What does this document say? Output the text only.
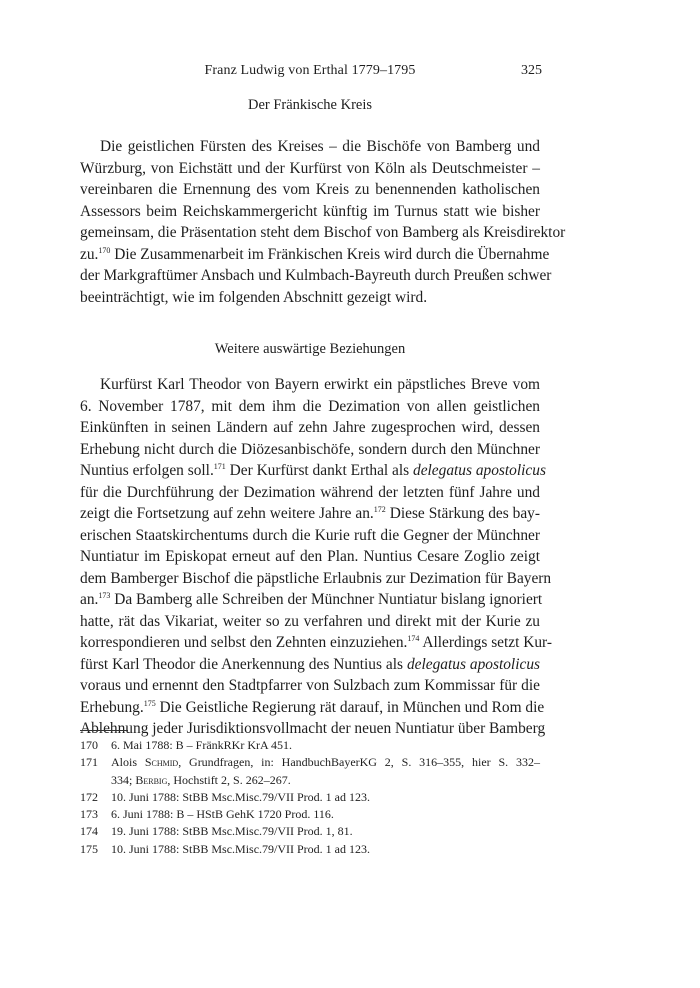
Franz Ludwig von Erthal 1779–1795	325
Der Fränkische Kreis
Die geistlichen Fürsten des Kreises – die Bischöfe von Bamberg und
Würzburg, von Eichstätt und der Kurfürst von Köln als Deutschmeister –
vereinbaren die Ernennung des vom Kreis zu benennenden katholischen
Assessors beim Reichskammergericht künftig im Turnus statt wie bisher
gemeinsam, die Präsentation steht dem Bischof von Bamberg als Kreisdirektor
zu.$^{170}$ Die Zusammenarbeit im Fränkischen Kreis wird durch die Übernahme
der Markgraftümer Ansbach und Kulmbach-Bayreuth durch Preußen schwer
beeinträchtigt, wie im folgenden Abschnitt gezeigt wird.
Weitere auswärtige Beziehungen
Kurfürst Karl Theodor von Bayern erwirkt ein päpstliches Breve vom
6. November 1787, mit dem ihm die Dezimation von allen geistlichen
Einkünften in seinen Ländern auf zehn Jahre zugesprochen wird, dessen
Erhebung nicht durch die Diözesanbischöfe, sondern durch den Münchner
Nuntius erfolgen soll.$^{171}$ Der Kurfürst dankt Erthal als delegatus apostolicus
für die Durchführung der Dezimation während der letzten fünf Jahre und
zeigt die Fortsetzung auf zehn weitere Jahre an.$^{172}$ Diese Stärkung des bay-
erischen Staatskirchentums durch die Kurie ruft die Gegner der Münchner
Nuntiatur im Episkopat erneut auf den Plan. Nuntius Cesare Zoglio zeigt
dem Bamberger Bischof die päpstliche Erlaubnis zur Dezimation für Bayern
an.$^{173}$ Da Bamberg alle Schreiben der Münchner Nuntiatur bislang ignoriert
hatte, rät das Vikariat, weiter so zu verfahren und direkt mit der Kurie zu
korrespondieren und selbst den Zehnten einzuziehen.$^{174}$ Allerdings setzt Kur-
fürst Karl Theodor die Anerkennung des Nuntius als delegatus apostolicus
voraus und ernennt den Stadtpfarrer von Sulzbach zum Kommissar für die
Erhebung.$^{175}$ Die Geistliche Regierung rät darauf, in München und Rom die
Ablehnung jeder Jurisdiktionsvollmacht der neuen Nuntiatur über Bamberg
170 6. Mai 1788: B – FränkRKr KrA 451.
171 Alois Schmid, Grundfragen, in: HandbuchBayerKG 2, S. 316–355, hier S. 332–
334; Berbig, Hochstift 2, S. 262–267.
172 10. Juni 1788: StBB Msc.Misc.79/VII Prod. 1 ad 123.
173 6. Juni 1788: B – HStB GehK 1720 Prod. 116.
174 19. Juni 1788: StBB Msc.Misc.79/VII Prod. 1, 81.
175 10. Juni 1788: StBB Msc.Misc.79/VII Prod. 1 ad 123.
